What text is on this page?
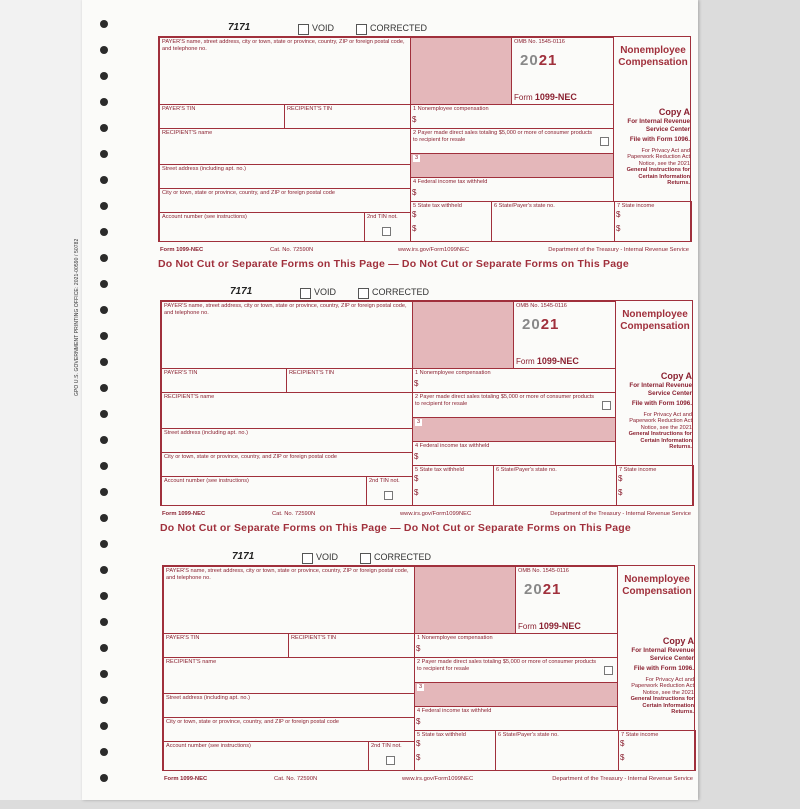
GPO U.S. GOVERNMENT PRINTING OFFICE: 2021-00590 / 50782
7171	VOID	CORRECTED
PAYER'S name, street address, city or town, state or province, country, ZIP or foreign postal code, and telephone no.
OMB No. 1545-0116
2021
Form 1099-NEC
Nonemployee Compensation
PAYER'S TIN	RECIPIENT'S TIN
RECIPIENT'S name
Street address (including apt. no.)
City or town, state or province, country, and ZIP or foreign postal code
Account number (see instructions)	2nd TIN not.
1 Nonemployee compensation
$
2 Payer made direct sales totaling $5,000 or more of consumer products to recipient for resale
3
4 Federal income tax withheld
$
5 State tax withheld
$
$
6 State/Payer's state no.	7 State income
$
$
Copy A
For Internal Revenue Service Center
File with Form 1096.
For Privacy Act and Paperwork Reduction Act Notice, see the 2021
General Instructions for Certain Information Returns.
Form 1099-NEC	Cat. No. 72590N	www.irs.gov/Form1099NEC	Department of the Treasury - Internal Revenue Service
Do Not Cut or Separate Forms on This Page — Do Not Cut or Separate Forms on This Page
7171	VOID	CORRECTED
PAYER'S name, street address, city or town, state or province, country, ZIP or foreign postal code, and telephone no.
OMB No. 1545-0116
2021
Form 1099-NEC
Nonemployee Compensation
PAYER'S TIN	RECIPIENT'S TIN
RECIPIENT'S name
Street address (including apt. no.)
City or town, state or province, country, and ZIP or foreign postal code
Account number (see instructions)	2nd TIN not.
1 Nonemployee compensation
$
2 Payer made direct sales totaling $5,000 or more of consumer products to recipient for resale
3
4 Federal income tax withheld
$
5 State tax withheld
$
$
6 State/Payer's state no.	7 State income
$
$
Copy A
For Internal Revenue Service Center
File with Form 1096.
For Privacy Act and Paperwork Reduction Act Notice, see the 2021
General Instructions for Certain Information Returns.
Form 1099-NEC	Cat. No. 72590N	www.irs.gov/Form1099NEC	Department of the Treasury - Internal Revenue Service
Do Not Cut or Separate Forms on This Page — Do Not Cut or Separate Forms on This Page
7171	VOID	CORRECTED
PAYER'S name, street address, city or town, state or province, country, ZIP or foreign postal code, and telephone no.
OMB No. 1545-0116
2021
Form 1099-NEC
Nonemployee Compensation
PAYER'S TIN	RECIPIENT'S TIN
RECIPIENT'S name
Street address (including apt. no.)
City or town, state or province, country, and ZIP or foreign postal code
Account number (see instructions)	2nd TIN not.
1 Nonemployee compensation
$
2 Payer made direct sales totaling $5,000 or more of consumer products to recipient for resale
3
4 Federal income tax withheld
$
5 State tax withheld
$
$
6 State/Payer's state no.	7 State income
$
$
Copy A
For Internal Revenue Service Center
File with Form 1096.
For Privacy Act and Paperwork Reduction Act Notice, see the 2021
General Instructions for Certain Information Returns.
Form 1099-NEC	Cat. No. 72590N	www.irs.gov/Form1099NEC	Department of the Treasury - Internal Revenue Service
